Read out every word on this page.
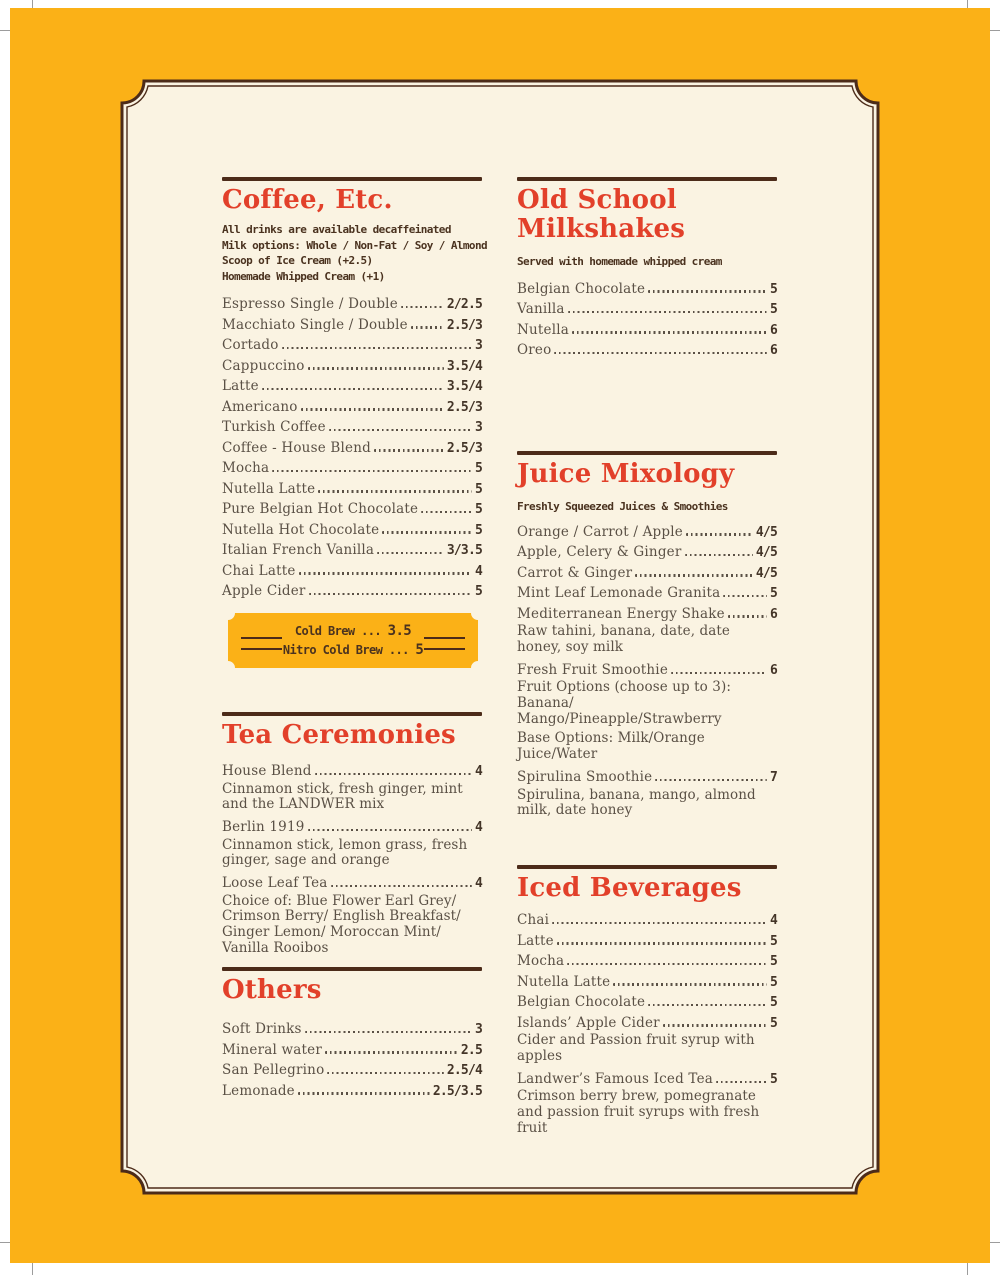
Coffee, Etc.

All drinks are available decaffeinated

Milk options: Whole / Non-Fat / Soy / Almond

Scoop of Ice Cream (+2.5)

Homemade Whipped Cream (+1)

Espresso Single / Double	2/2.5
Macchiato Single / Double	2.5/3
Cortado	3
Cappuccino	3.5/4
Latte	3.5/4
Americano	2.5/3
Turkish Coffee	3
Coffee - House Blend	2.5/3
Mocha	5
Nutella Latte	5
Pure Belgian Hot Chocolate	5
Nutella Hot Chocolate	5
Italian French Vanilla	3/3.5
Chai Latte	4
Apple Cider	5
Cold Brew ... 3.5
Nitro Cold Brew ... 5
Tea Ceremonies
House Blend	4

Cinnamon stick, fresh ginger, mint and the LANDWER mix

Berlin 1919	4

Cinnamon stick, lemon grass, fresh ginger, sage and orange

Loose Leaf Tea	4

Choice of: Blue Flower Earl Grey/ Crimson Berry/ English Breakfast/ Ginger Lemon/ Moroccan Mint/ Vanilla Rooibos

Others
Soft Drinks	3
Mineral water	2.5
San Pellegrino	2.5/4
Lemonade	2.5/3.5
Old School Milkshakes

Served with homemade whipped cream

Belgian Chocolate	5
Vanilla	5
Nutella	6
Oreo	6
Juice Mixology

Freshly Squeezed Juices & Smoothies

Orange / Carrot / Apple	4/5
Apple, Celery & Ginger	4/5
Carrot & Ginger	4/5
Mint Leaf Lemonade Granita	5
Mediterranean Energy Shake	6

Raw tahini, banana, date, date honey, soy milk

Fresh Fruit Smoothie	6

Fruit Options (choose up to 3): Banana/ Mango/Pineapple/Strawberry

Base Options: Milk/Orange Juice/Water

Spirulina Smoothie	7

Spirulina, banana, mango, almond milk, date honey

Iced Beverages
Chai	4
Latte	5
Mocha	5
Nutella Latte	5
Belgian Chocolate	5
Islands’ Apple Cider	5

Cider and Passion fruit syrup with apples

Landwer’s Famous Iced Tea	5

Crimson berry brew, pomegranate and passion fruit syrups with fresh fruit
